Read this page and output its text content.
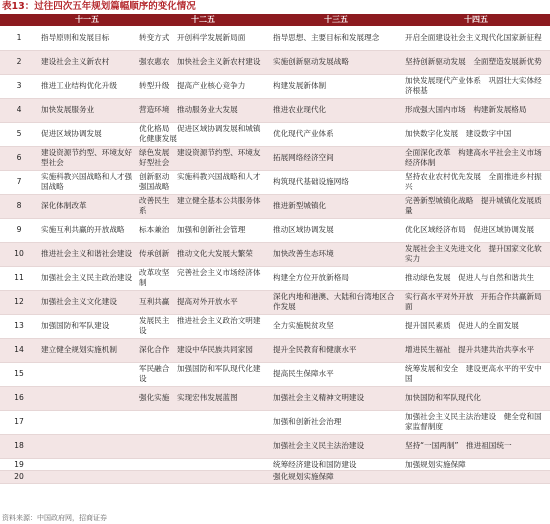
表13：过往四次五年规划篇幅顺序的变化情况
	十一五	十二五	十三五	十四五
1	指导原则和发展目标	转变方式　开创科学发展新局面	指导思想、主要目标和发展理念	开启全面建设社会主义现代化国家新征程
2	建设社会主义新农村	强农惠农　加快社会主义新农村建设	实施创新驱动发展战略	坚持创新驱动发展　全面塑造发展新优势
3	推进工业结构优化升级	转型升级　提高产业核心竞争力	构建发展新体制	加快发展现代产业体系　巩固壮大实体经济根基
4	加快发展服务业	营造环境　推动服务业大发展	推进农业现代化	形成强大国内市场　构建新发展格局
5	促进区域协调发展	优化格局　促进区域协调发展和城镇化健康发展	优化现代产业体系	加快数字化发展　建设数字中国
6	建设资源节约型、环境友好型社会	绿色发展　建设资源节约型、环境友好型社会	拓展网络经济空间	全面深化改革　构建高水平社会主义市场经济体制
7	实施科教兴国战略和人才强国战略	创新驱动　实施科教兴国战略和人才强国战略	构筑现代基础设施网络	坚持农业农村优先发展　全面推进乡村振兴
8	深化体制改革	改善民生　建立健全基本公共服务体系	推进新型城镇化	完善新型城镇化战略　提升城镇化发展质量
9	实施互利共赢的开放战略	标本兼治　加强和创新社会管理	推动区域协调发展	优化区域经济布局　促进区域协调发展
10	推进社会主义和谐社会建设	传承创新　推动文化大发展大繁荣	加快改善生态环境	发展社会主义先进文化　提升国家文化软实力
11	加强社会主义民主政治建设	改革攻坚　完善社会主义市场经济体制	构建全方位开放新格局	推动绿色发展　促进人与自然和谐共生
12	加强社会主义文化建设	互利共赢　提高对外开放水平	深化内地和港澳、大陆和台湾地区合作发展	实行高水平对外开放　开拓合作共赢新局面
13	加强国防和军队建设	发展民主　推进社会主义政治文明建设	全力实施脱贫攻坚	提升国民素质　促进人的全面发展
14	建立健全规划实施机制	深化合作　建设中华民族共同家园	提升全民教育和健康水平	增进民生福祉　提升共建共治共享水平
15		军民融合　加强国防和军队现代化建设	提高民生保障水平	统筹发展和安全　建设更高水平的平安中国
16		强化实施　实现宏伟发展蓝图	加强社会主义精神文明建设	加快国防和军队现代化
17			加强和创新社会治理	加强社会主义民主法治建设　健全党和国家监督制度
18			加强社会主义民主法治建设	坚持“一国两制”　推进祖国统一
19			统筹经济建设和国防建设	加强规划实施保障
20			强化规划实施保障	
资料来源：中国政府网，招商证券
